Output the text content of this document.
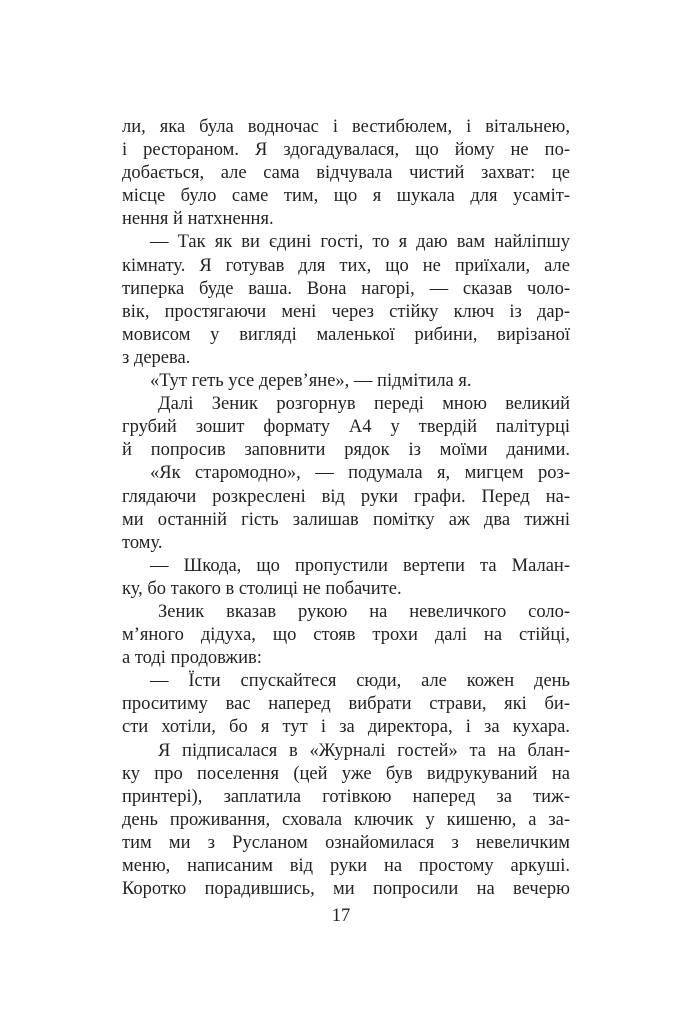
ли, яка була водночас і вестибюлем, і вітальнею,
і рестораном. Я здогадувалася, що йому не по-
добається, але сама відчувала чистий захват: це
місце було саме тим, що я шукала для усаміт-
нення й натхнення.
— Так як ви єдині гості, то я даю вам найліпшу
кімнату. Я готував для тих, що не приїхали, але
типерка буде ваша. Вона нагорі, — сказав чоло-
вік, простягаючи мені через стійку ключ із дар-
мовисом у вигляді маленької рибини, вирізаної
з дерева.
«Тут геть усе дерев’яне», — підмітила я.
Далі Зеник розгорнув переді мною великий
грубий зошит формату А4 у твердій палітурці
й попросив заповнити рядок із моїми даними.
«Як старомодно», — подумала я, мигцем роз-
глядаючи розкреслені від руки графи. Перед на-
ми останній гість залишав помітку аж два тижні
тому.
— Шкода, що пропустили вертепи та Малан-
ку, бо такого в столиці не побачите.
Зеник вказав рукою на невеличкого соло-
м’яного дідуха, що стояв трохи далі на стійці,
а тоді продовжив:
— Їсти спускайтеся сюди, але кожен день
проситиму вас наперед вибрати страви, які би-
сти хотіли, бо я тут і за директора, і за кухара.
Я підписалася в «Журналі гостей» та на блан-
ку про поселення (цей уже був видрукуваний на
принтері), заплатила готівкою наперед за тиж-
день проживання, сховала ключик у кишеню, а за-
тим ми з Русланом ознайомилася з невеличким
меню, написаним від руки на простому аркуші.
Коротко порадившись, ми попросили на вечерю
17
